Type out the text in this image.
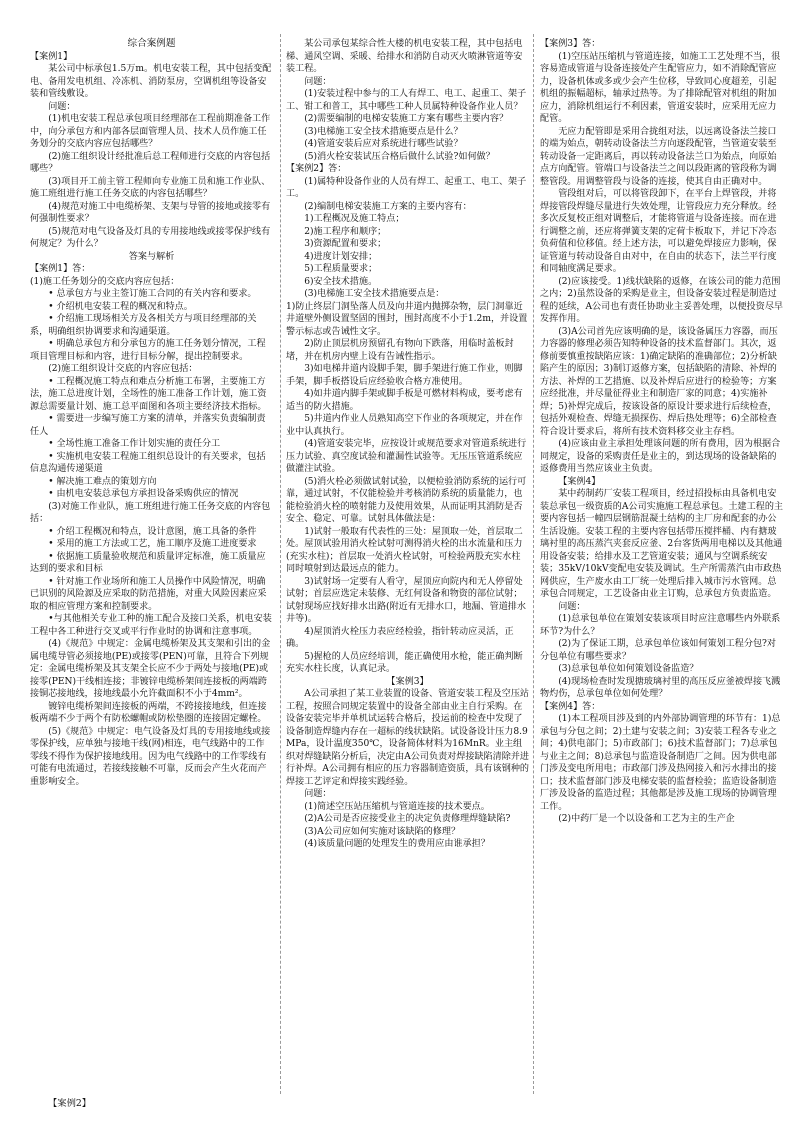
综合案例题

【案例1】

某公司中标承包1.5万m。机电安装工程，其中包括变配电、备用发电机组、冷冻机、消防泵房，空调机组等设备安装和管线敷设。

问题：

(1)机电安装工程总承包项目经理部在工程前期准备工作中，向分承包方和内部各层面管理人员、技术人员作施工任务划分的交底内容应包括哪些？

(2)施工组织设计经批准后总工程师进行交底的内容包括哪些？

(3)项目开工前主管工程师向专业施工员和施工作业队、施工班组进行施工任务交底的内容包括哪些？

(4)规范对施工中电缆桥架、支架与导管的接地或接零有何强制性要求？

(5)规范对电气设备及灯具的专用接地线或接零保护线有何规定？为什么？

答案与解析

【案例1】答：

(1)施工任务划分的交底内容应包括：

• 总承包方与业主签订施工合同的有关内容和要求。

• 介绍机电安装工程的概况和特点。

• 介绍施工现场相关方及各相关方与项目经理部的关系，明确组织协调要求和沟通渠道。

• 明确总承包方和分承包方的施工任务划分情况，工程项目管理目标和内容，进行目标分解，提出控制要求。

(2)施工组织设计交底的内容应包括：

• 工程概况施工特点和难点分析施工布署，主要施工方法，施工总进度计划，全场性的施工准备工作计划，施工资源总需要量计划、施工总平面图和各项主要经济技术指标。

• 需要进一步编写施工方案的清单，并落实负责编制责任人

• 全场性施工准备工作计划实施的责任分工

• 实施机电安装工程施工组织总设计的有关要求，包括信息沟通传递渠道

• 解决施工难点的策划方向

• 由机电安装总承包方承担设备采购供应的情况

(3)对施工作业队，施工班组进行施工任务交底的内容包括：

• 介绍工程概况和特点，设计意图，施工具备的条件

• 采用的施工方法或工艺，施工顺序及施工进度要求

• 依据施工质量验收规范和质量评定标准，施工质量应达到的要求和目标

• 针对施工作业场所和施工人员操作中风险情况，明确已识别的风险源及应采取的防范措施，对重大风险因素应采取的相应管理方案和控制要求。

•与其他相关专业工种的施工配合及接口关系，机电安装工程中各工种进行交叉或平行作业时的协调和注意事项。

(4)《规范》中规定：金属电缆桥架及其支架和引出的金属电缆导管必须接地(PE)或接零(PEN)可靠，且符合下列规定：金属电缆桥架及其支架全长应不少于两处与接地(PE)或接零(PEN)干线相连接；非镀锌电缆桥架间连接板的两端跨接铜芯接地线，接地线最小允许截面积不小于4mm²。

镀锌电缆桥架间连接板的两端，不跨接接地线，但连接板两端不少于两个有防松螺帽或防松垫圈的连接固定螺栓。

(5)《规范》中规定：电气设备及灯具的专用接地线或接零保护线，应单独与接地干线(网)相连，电气线路中的工作零线不得作为保护接地线用。因为电气线路中的工作零线有可能有电流通过，若接线接触不可靠，反而会产生火花而产重影响安全。

某公司承包某综合性大楼的机电安装工程，其中包括电梯、通风空调、采暖、给排水和消防自动灭火喷淋管道等安装工程。

问题：

(1)安装过程中参与的工人有焊工、电工、起重工、架子工、钳工和普工，其中哪些工种人员属特种设备作业人员？

(2)需要编制的电梯安装施工方案有哪些主要内容？

(3)电梯施工安全技术措施要点是什么？

(4)管道安装后应对系统进行哪些试验？

(5)消火栓安装试压合格后做什么试验?如何做？

【案例2】答：

(1)属特种设备作业的人员有焊工、起重工、电工、架子工。

(2)编制电梯安装施工方案的主要内容有：

1)工程概况及施工特点；

2)施工程序和顺序；

3)资源配置和要求；

4)进度计划安排；

5)工程质量要求；

6)安全技术措施。

(3)电梯施工安全技术措施要点是：

1)防止终层门洞坠落人员及向井道内抛掷杂物，层门洞靠近井道壁外侧设置坚固的围封，围封高度不小于1.2m，并设置警示标志或告诫性文字。

2)防止顶层机房预留孔有物向下跌落，用临时盖板封堵，并在机房内壁上设有告诫性指示。

3)如电梯井道内设脚手架，脚手架进行施工作业，则脚手架，脚手板搭设后应经验收合格方准使用。

4)如井道内脚手架或脚手板是可燃材料构成，要考虑有适当的防火措施。

5)井道内作业人员熟知高空下作业的各项规定，并在作业中认真执行。

(4)管道安装完毕，应按设计或规范要求对管道系统进行压力试验、真空度试验和灌漏性试验等。无压压管道系统应做灌注试验。

(5)消火栓必须做试射试验，以便检验消防系统的运行可靠，通过试射，不仅能检验并考核消防系统的质量能力，也能检验消火栓的喷射能力及使用效果，从而证明其消防是否安全、稳定、可靠。试射具体做法是：

1)试射一般取有代表性的三处：屋顶取一处，首层取二处。屋顶试验用消火栓试射可测得消火栓的出水流量和压力(充实水柱)；首层取一处消火栓试射，可检验两股充实水柱同时喷射到达最远点的能力。

3)试射场一定要有人看守，屋顶应向院内和无人停留处试射；首层应选定未装修、无红何设备和物资的部位试射；试射现场应找好排水出路(附近有无排水口，地漏、管道排水井等)。

4)屋顶消火栓压力表应经检验，指针转动应灵活，正确。

5)握枪的人员应经培训，能正确使用水枪，能正确判断充实水柱长度，认真记录。

【案例3】

A公司承担了某工业装置的设备、管道安装工程及空压站工程，按照合同规定装置中的设备全部由业主自行采购。在设备安装完毕并单机试运转合格后，投运前的检查中发现了设备制造焊缝内存在一超标的线状缺陷。试设备设计压力8.9MPa，设计温度350℃，设备简体材料为16MnR。业主组织对焊缝缺陷分析后，决定由A公司负责对焊接缺陷清除并进行补焊。A公司拥有相应的压力容器制造资质，具有该钢种的焊接工艺评定和焊接实践经验。

问题：

(1)简述空压站压缩机与管道连接的技术要点。

(2)A公司是否应接受业主的决定负责修理焊缝缺陷?

(3)A公司应如何实施对该缺陷的修理？

(4)该质量问题的处理发生的费用应由谁承担？

【案例3】答：

(1)空压站压缩机与管道连接，如施工工艺处理不当，很容易造成管道与设备连接处产生配管应力，如不消除配管应力，设备机体或多或少会产生位移，导致同心度超差，引起机组的振幅超标，轴承过热等。为了排除配管对机组的附加应力，消除机组运行不利因素，管道安装时，应采用无应力配管。

无应力配管即是采用合拢组对法，以远离设备法兰接口的端为始点，朝转动设备法兰方向逐段配管，当管道安装至转动设备一定距离后，再以转动设备法兰口为始点，向原始点方向配管。管端口与设备法兰之间以段距离的管段称为调整管段。用调整管段与设备的连接，使其自由正确对中。

管段组对后，可以将管段卸下，在平台上焊管段，并将焊接管段焊缝尽量进行失效处理，让管段应力充分释放。经多次反复校正组对调整后，才能将管道与设备连接。而在进行调整之前，还应将弹簧支架的定荷卡板取下，并记下冷态负荷值和位移值。经上述方法，可以避免焊接应力影响，保证管道与转动设备自由对中，在自由的状态下，法兰平行度和同轴度满足要求。

(2)应该接受。1)线状缺陷的返修，在该公司的能力范围之内；2)虽然设备的采购是业主，但设备安装过程是制造过程的延续，A公司也有责任协助业主妥善处理，以便投资尽早发挥作用。

(3)A公司首先应该明确的是，该设备属压力容器，而压力容器的修理必须告知特种设备的技术监督部门。其次，返修前要慎重按缺陷应该：1)确定缺陷的准确部位；2)分析缺陷产生的原因；3)制订返修方案，包括缺陷的清除、补焊的方法、补焊的工艺措施、以及补焊后应进行的检验等；方案应经批准，并尽量征得业主和制造厂家的同意；4)实施补焊；5)补焊完成后，按该设备的原设计要求进行后续检查，包括外观检查、焊缝无损探伤、焊后热处理等；6)全部检查符合设计要求后，将所有技术资料移交业主存档。

(4)应该由业主承担处理该问题的所有费用，因为根据合同规定，设备的采购责任是业主的，到达现场的设备缺陷的返修费用当然应该业主负责。

【案例4】

某中药制药厂安装工程项目，经过招投标由具备机电安装总承包一级资质的A公司实施施工程总承包。土建工程的主要内容包括一幢四层钢筋混凝土结构的主厂房和配套的办公生活设施。安装工程的主要内容包括带压搅拌桶、内有搪玻璃衬里的高压蒸汽夹套反应釜、2台客货两用电梯以及其他通用设备安装；给排水及工艺管道安装；通风与空调系统安装；35kV/10kV变配电安装及调试。生产所需蒸汽由市政热网供应，生产废水由工厂统一处理后排入城市污水管网。总承包合同规定，工艺设备由业主订购，总承包方负责监造。

问题：

(1)总承包单位在策划安装该项目时应注意哪些内外联系环节?为什么？

(2)为了保证工期，总承包单位该如何策划工程分包?对分包单位有哪些要求？

(3)总承包单位如何策划设备监造？

(4)现场检查时发现搪玻璃衬里的高压反应釜被焊接飞溅物灼伤，总承包单位如何处理？

【案例4】答：

(1)本工程项目涉及到的内外部协调管理的环节有：1)总承包与分包之间；2)土建与安装之间；3)安装工程各专业之间；4)供电部门；5)市政部门；6)技术监督部门；7)总承包与业主之间；8)总承包与监造设备制造厂之间。因为供电部门涉及变电所用电；市政部门涉及热网接入和污水排出的接口；技术监督部门涉及电梯安装的监督检验；监造设备制造厂涉及设备的监造过程；其他都是涉及施工现场的协调管理工作。

(2)中药厂是一个以设备和工艺为主的生产企

【案例2】
